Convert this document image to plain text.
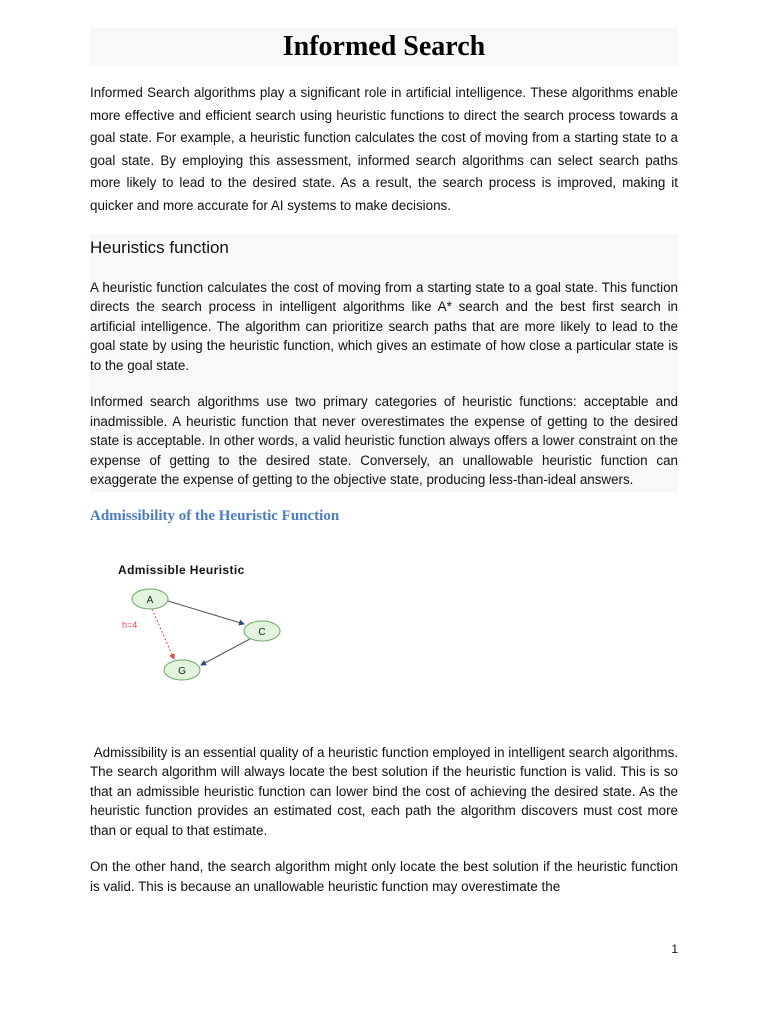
Informed Search

Informed Search algorithms play a significant role in artificial intelligence. These algorithms enable more effective and efficient search using heuristic functions to direct the search process towards a goal state. For example, a heuristic function calculates the cost of moving from a starting state to a goal state. By employing this assessment, informed search algorithms can select search paths more likely to lead to the desired state. As a result, the search process is improved, making it quicker and more accurate for AI systems to make decisions.

Heuristics function

A heuristic function calculates the cost of moving from a starting state to a goal state. This function directs the search process in intelligent algorithms like A* search and the best first search in artificial intelligence. The algorithm can prioritize search paths that are more likely to lead to the goal state by using the heuristic function, which gives an estimate of how close a particular state is to the goal state.

Informed search algorithms use two primary categories of heuristic functions: acceptable and inadmissible. A heuristic function that never overestimates the expense of getting to the desired state is acceptable. In other words, a valid heuristic function always offers a lower constraint on the expense of getting to the desired state. Conversely, an unallowable heuristic function can exaggerate the expense of getting to the objective state, producing less-than-ideal answers.

Admissibility of the Heuristic Function

Admissible Heuristic

A
C
G
h=4

Admissibility is an essential quality of a heuristic function employed in intelligent search algorithms. The search algorithm will always locate the best solution if the heuristic function is valid. This is so that an admissible heuristic function can lower bind the cost of achieving the desired state. As the heuristic function provides an estimated cost, each path the algorithm discovers must cost more than or equal to that estimate.

On the other hand, the search algorithm might only locate the best solution if the heuristic function is valid. This is because an unallowable heuristic function may overestimate the

1
